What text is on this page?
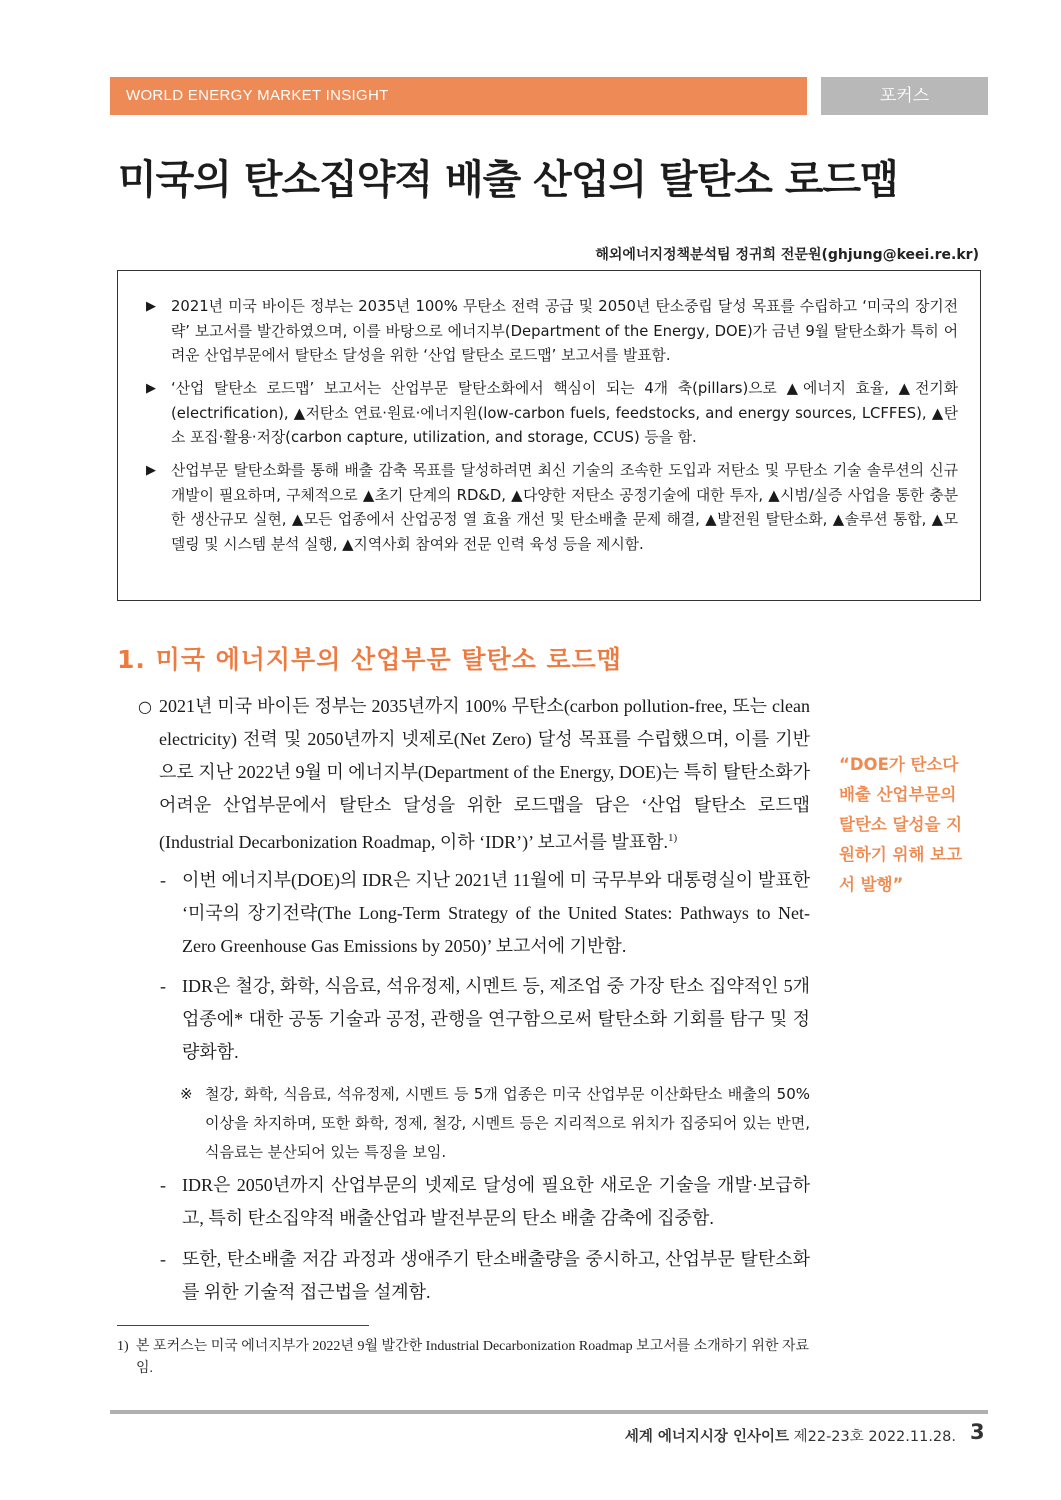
WORLD ENERGY MARKET INSIGHT	포커스
미국의 탄소집약적 배출 산업의 탈탄소 로드맵
해외에너지정책분석팀 정귀희 전문원(ghjung@keei.re.kr)
▶	2021년 미국 바이든 정부는 2035년 100% 무탄소 전력 공급 및 2050년 탄소중립 달성 목표를 수립하고 ‘미국의 장기전략’ 보고서를 발간하였으며, 이를 바탕으로 에너지부(Department of the Energy, DOE)가 금년 9월 탈탄소화가 특히 어려운 산업부문에서 탈탄소 달성을 위한 ‘산업 탈탄소 로드맵’ 보고서를 발표함.
▶	‘산업 탈탄소 로드맵’ 보고서는 산업부문 탈탄소화에서 핵심이 되는 4개 축(pillars)으로 ▲에너지 효율, ▲전기화(electrification), ▲저탄소 연료·원료·에너지원(low-carbon fuels, feedstocks, and energy sources, LCFFES), ▲탄소 포집·활용·저장(carbon capture, utilization, and storage, CCUS) 등을 함.
▶	산업부문 탈탄소화를 통해 배출 감축 목표를 달성하려면 최신 기술의 조속한 도입과 저탄소 및 무탄소 기술 솔루션의 신규 개발이 필요하며, 구체적으로 ▲초기 단계의 RD&D, ▲다양한 저탄소 공정기술에 대한 투자, ▲시범/실증 사업을 통한 충분한 생산규모 실현, ▲모든 업종에서 산업공정 열 효율 개선 및 탄소배출 문제 해결, ▲발전원 탈탄소화, ▲솔루션 통합, ▲모델링 및 시스템 분석 실행, ▲지역사회 참여와 전문 인력 육성 등을 제시함.
1. 미국 에너지부의 산업부문 탈탄소 로드맵
○ 2021년 미국 바이든 정부는 2035년까지 100% 무탄소(carbon pollution-free, 또는 clean electricity) 전력 및 2050년까지 넷제로(Net Zero) 달성 목표를 수립했으며, 이를 기반으로 지난 2022년 9월 미 에너지부(Department of the Energy, DOE)는 특히 탈탄소화가 어려운 산업부문에서 탈탄소 달성을 위한 로드맵을 담은 ‘산업 탈탄소 로드맵(Industrial Decarbonization Roadmap, 이하 ‘IDR’)’ 보고서를 발표함.$^{1)}$
- 이번 에너지부(DOE)의 IDR은 지난 2021년 11월에 미 국무부와 대통령실이 발표한 ‘미국의 장기전략(The Long-Term Strategy of the United States: Pathways to Net-Zero Greenhouse Gas Emissions by 2050)’ 보고서에 기반함.
- IDR은 철강, 화학, 식음료, 석유정제, 시멘트 등, 제조업 중 가장 탄소 집약적인 5개 업종에* 대한 공동 기술과 공정, 관행을 연구함으로써 탈탄소화 기회를 탐구 및 정량화함.
※ 철강, 화학, 식음료, 석유정제, 시멘트 등 5개 업종은 미국 산업부문 이산화탄소 배출의 50% 이상을 차지하며, 또한 화학, 정제, 철강, 시멘트 등은 지리적으로 위치가 집중되어 있는 반면, 식음료는 분산되어 있는 특징을 보임.
- IDR은 2050년까지 산업부문의 넷제로 달성에 필요한 새로운 기술을 개발·보급하고, 특히 탄소집약적 배출산업과 발전부문의 탄소 배출 감축에 집중함.
- 또한, 탄소배출 저감 과정과 생애주기 탄소배출량을 중시하고, 산업부문 탈탄소화를 위한 기술적 접근법을 설계함.
“DOE가 탄소다배출 산업부문의 탈탄소 달성을 지원하기 위해 보고서 발행”
1) 본 포커스는 미국 에너지부가 2022년 9월 발간한 Industrial Decarbonization Roadmap 보고서를 소개하기 위한 자료임.
세계 에너지시장 인사이트 제22-23호 2022.11.28. 3
